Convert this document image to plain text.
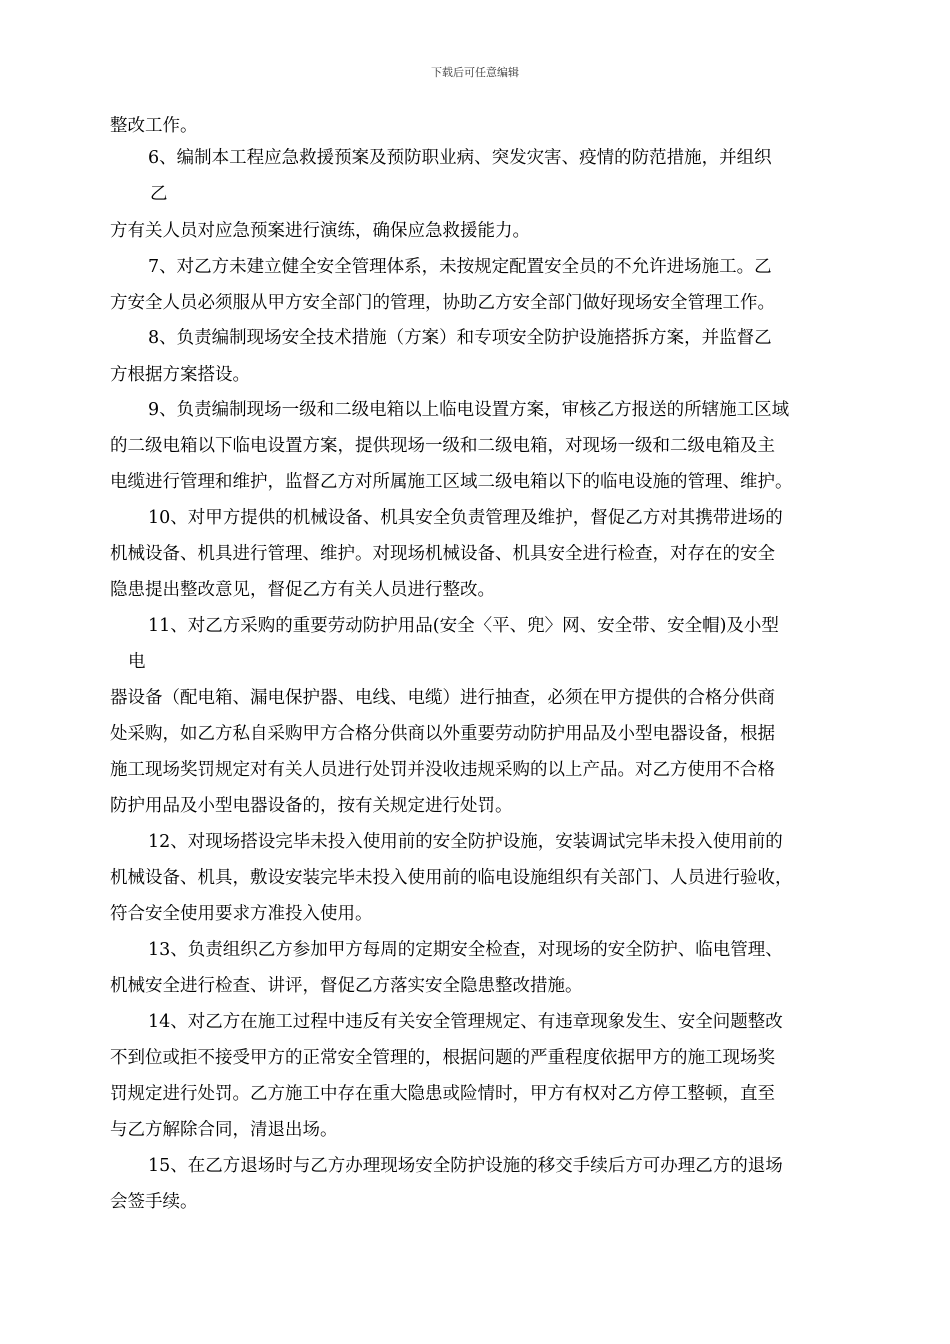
下载后可任意编辑
整改工作。
6、编制本工程应急救援预案及预防职业病、突发灾害、疫情的防范措施，并组织
乙
方有关人员对应急预案进行演练，确保应急救援能力。
7、对乙方未建立健全安全管理体系，未按规定配置安全员的不允许进场施工。乙
方安全人员必须服从甲方安全部门的管理，协助乙方安全部门做好现场安全管理工作。
8、负责编制现场安全技术措施（方案）和专项安全防护设施搭拆方案，并监督乙
方根据方案搭设。
9、负责编制现场一级和二级电箱以上临电设置方案，审核乙方报送的所辖施工区域
的二级电箱以下临电设置方案，提供现场一级和二级电箱，对现场一级和二级电箱及主
电缆进行管理和维护，监督乙方对所属施工区域二级电箱以下的临电设施的管理、维护。
10、对甲方提供的机械设备、机具安全负责管理及维护，督促乙方对其携带进场的
机械设备、机具进行管理、维护。对现场机械设备、机具安全进行检查，对存在的安全
隐患提出整改意见，督促乙方有关人员进行整改。
11、对乙方采购的重要劳动防护用品(安全〈平、兜〉网、安全带、安全帽)及小型
电
器设备（配电箱、漏电保护器、电线、电缆）进行抽查，必须在甲方提供的合格分供商
处采购，如乙方私自采购甲方合格分供商以外重要劳动防护用品及小型电器设备，根据
施工现场奖罚规定对有关人员进行处罚并没收违规采购的以上产品。对乙方使用不合格
防护用品及小型电器设备的，按有关规定进行处罚。
12、对现场搭设完毕未投入使用前的安全防护设施，安装调试完毕未投入使用前的
机械设备、机具，敷设安装完毕未投入使用前的临电设施组织有关部门、人员进行验收，
符合安全使用要求方准投入使用。
13、负责组织乙方参加甲方每周的定期安全检查，对现场的安全防护、临电管理、
机械安全进行检查、讲评，督促乙方落实安全隐患整改措施。
14、对乙方在施工过程中违反有关安全管理规定、有违章现象发生、安全问题整改
不到位或拒不接受甲方的正常安全管理的，根据问题的严重程度依据甲方的施工现场奖
罚规定进行处罚。乙方施工中存在重大隐患或险情时，甲方有权对乙方停工整顿，直至
与乙方解除合同，清退出场。
15、在乙方退场时与乙方办理现场安全防护设施的移交手续后方可办理乙方的退场
会签手续。
